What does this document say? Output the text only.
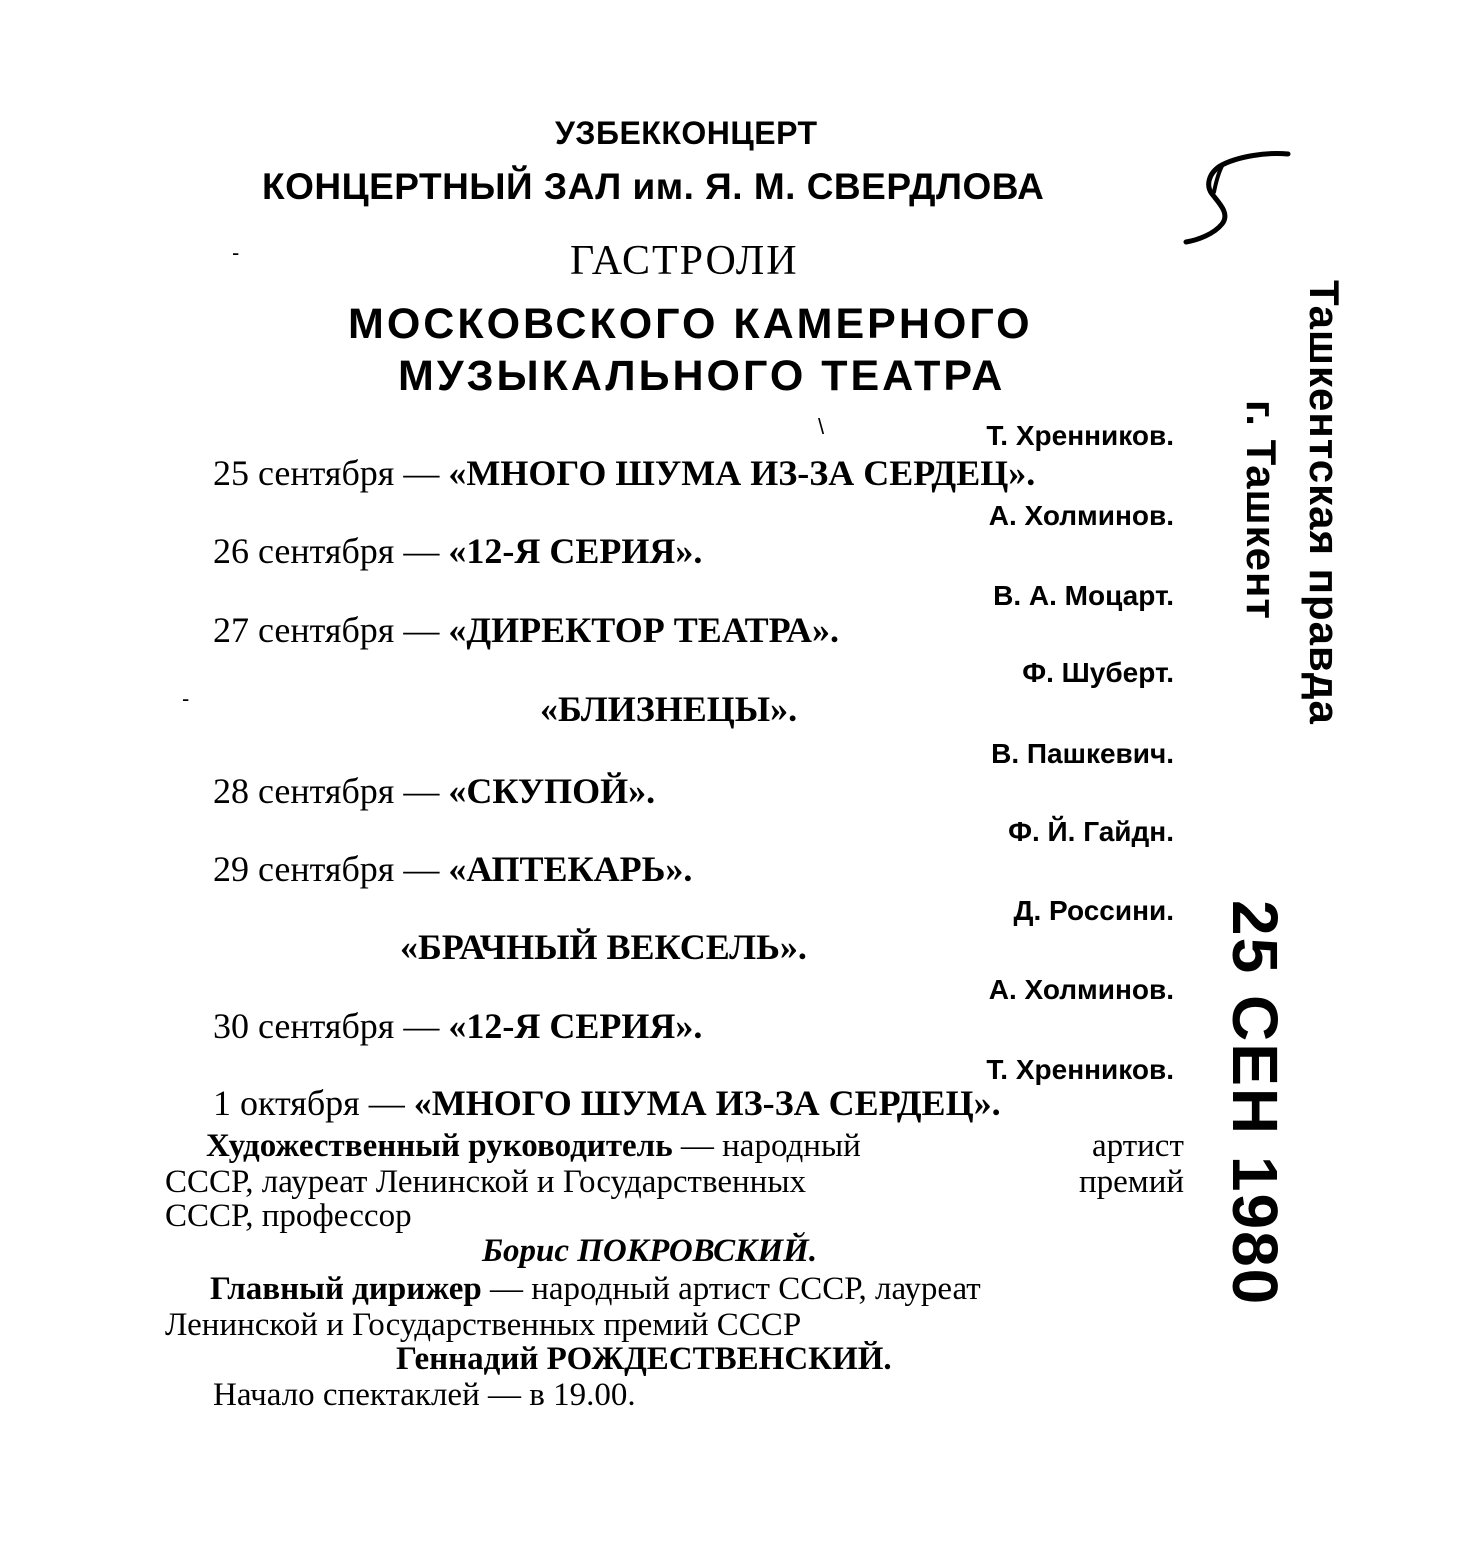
УЗБЕККОНЦЕРТ
КОНЦЕРТНЫЙ ЗАЛ им. Я. М. СВЕРДЛОВА
ГАСТРОЛИ
МОСКОВСКОГО КАМЕРНОГО
МУЗЫКАЛЬНОГО ТЕАТРА
Т. Хренников.
25 сентября — «МНОГО ШУМА ИЗ-ЗА СЕРДЕЦ».
А. Холминов.
26 сентября — «12-Я СЕРИЯ».
В. А. Моцарт.
27 сентября — «ДИРЕКТОР ТЕАТРА».
Ф. Шуберт.
«БЛИЗНЕЦЫ».
В. Пашкевич.
28 сентября — «СКУПОЙ».
Ф. Й. Гайдн.
29 сентября — «АПТЕКАРЬ».
Д. Россини.
«БРАЧНЫЙ ВЕКСЕЛЬ».
А. Холминов.
30 сентября — «12-Я СЕРИЯ».
Т. Хренников.
1 октября — «МНОГО ШУМА ИЗ-ЗА СЕРДЕЦ».
Художественный руководитель — народный	артист
СССР, лауреат Ленинской и Государственных	премий
СССР, профессор
Борис ПОКРОВСКИЙ.
Главный дирижер — народный артист СССР, лауреат
Ленинской и Государственных премий СССР
Геннадий РОЖДЕСТВЕНСКИЙ.
Начало спектаклей — в 19.00.
Ташкентская правда
г. Ташкент
25 СЕН 1980
-
\
-
